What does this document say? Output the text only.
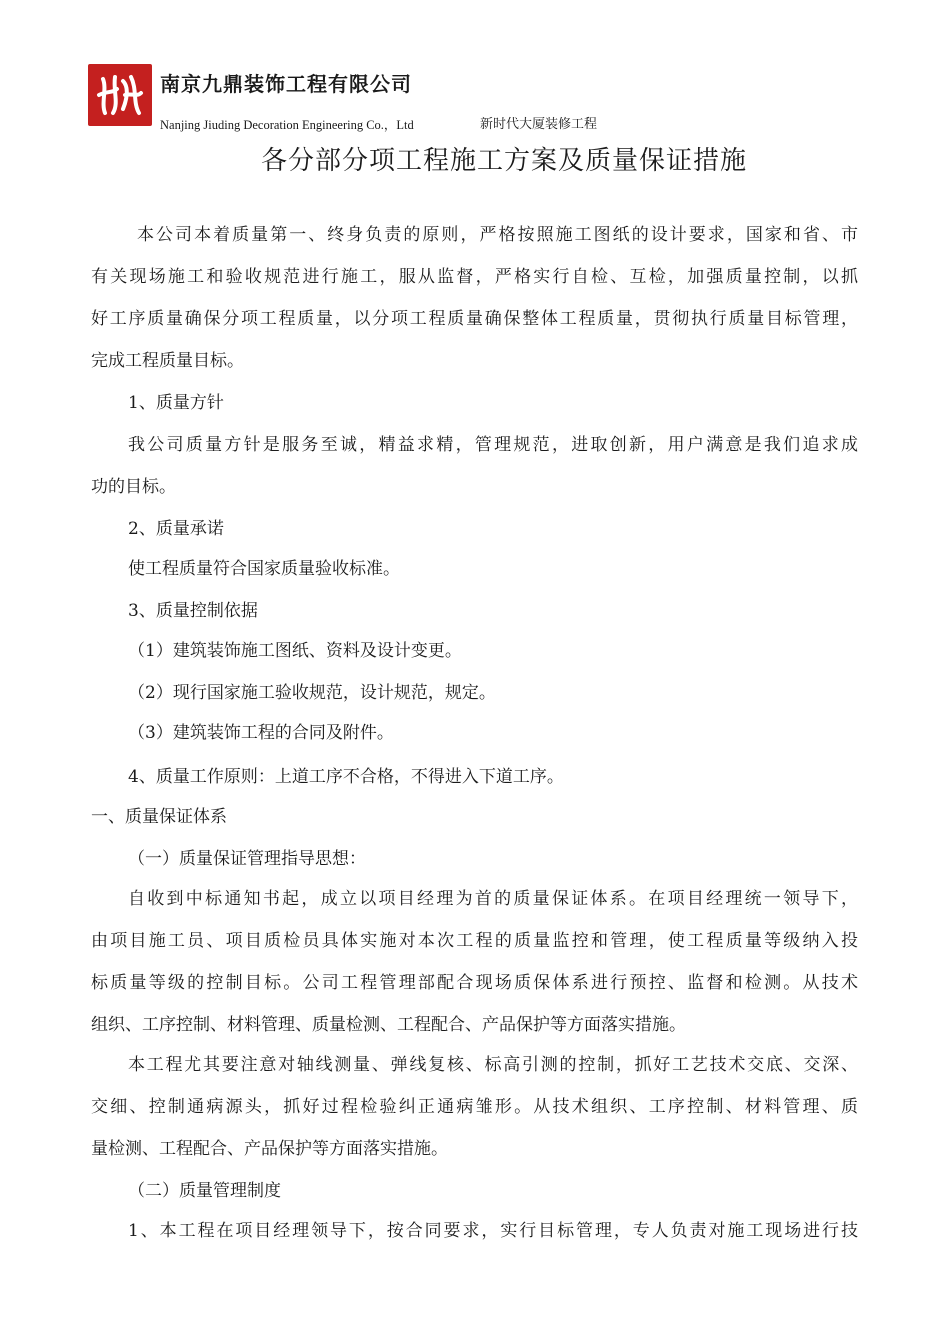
南京九鼎装饰工程有限公司
Nanjing Jiuding Decoration Engineering Co.，Ltd	新时代大厦装修工程
各分部分项工程施工方案及质量保证措施
本公司本着质量第一、终身负责的原则，严格按照施工图纸的设计要求，国家和省、市
有关现场施工和验收规范进行施工，服从监督，严格实行自检、互检，加强质量控制，以抓
好工序质量确保分项工程质量，以分项工程质量确保整体工程质量，贯彻执行质量目标管理，
完成工程质量目标。
1、质量方针
我公司质量方针是服务至诚，精益求精，管理规范，进取创新，用户满意是我们追求成
功的目标。
2、质量承诺
使工程质量符合国家质量验收标准。
3、质量控制依据
（1）建筑装饰施工图纸、资料及设计变更。
（2）现行国家施工验收规范，设计规范，规定。
（3）建筑装饰工程的合同及附件。
4、质量工作原则：上道工序不合格，不得进入下道工序。
一、质量保证体系
（一）质量保证管理指导思想：
自收到中标通知书起，成立以项目经理为首的质量保证体系。在项目经理统一领导下，
由项目施工员、项目质检员具体实施对本次工程的质量监控和管理，使工程质量等级纳入投
标质量等级的控制目标。公司工程管理部配合现场质保体系进行预控、监督和检测。从技术
组织、工序控制、材料管理、质量检测、工程配合、产品保护等方面落实措施。
本工程尤其要注意对轴线测量、弹线复核、标高引测的控制，抓好工艺技术交底、交深、
交细、控制通病源头，抓好过程检验纠正通病雏形。从技术组织、工序控制、材料管理、质
量检测、工程配合、产品保护等方面落实措施。
（二）质量管理制度
1、本工程在项目经理领导下，按合同要求，实行目标管理，专人负责对施工现场进行技
